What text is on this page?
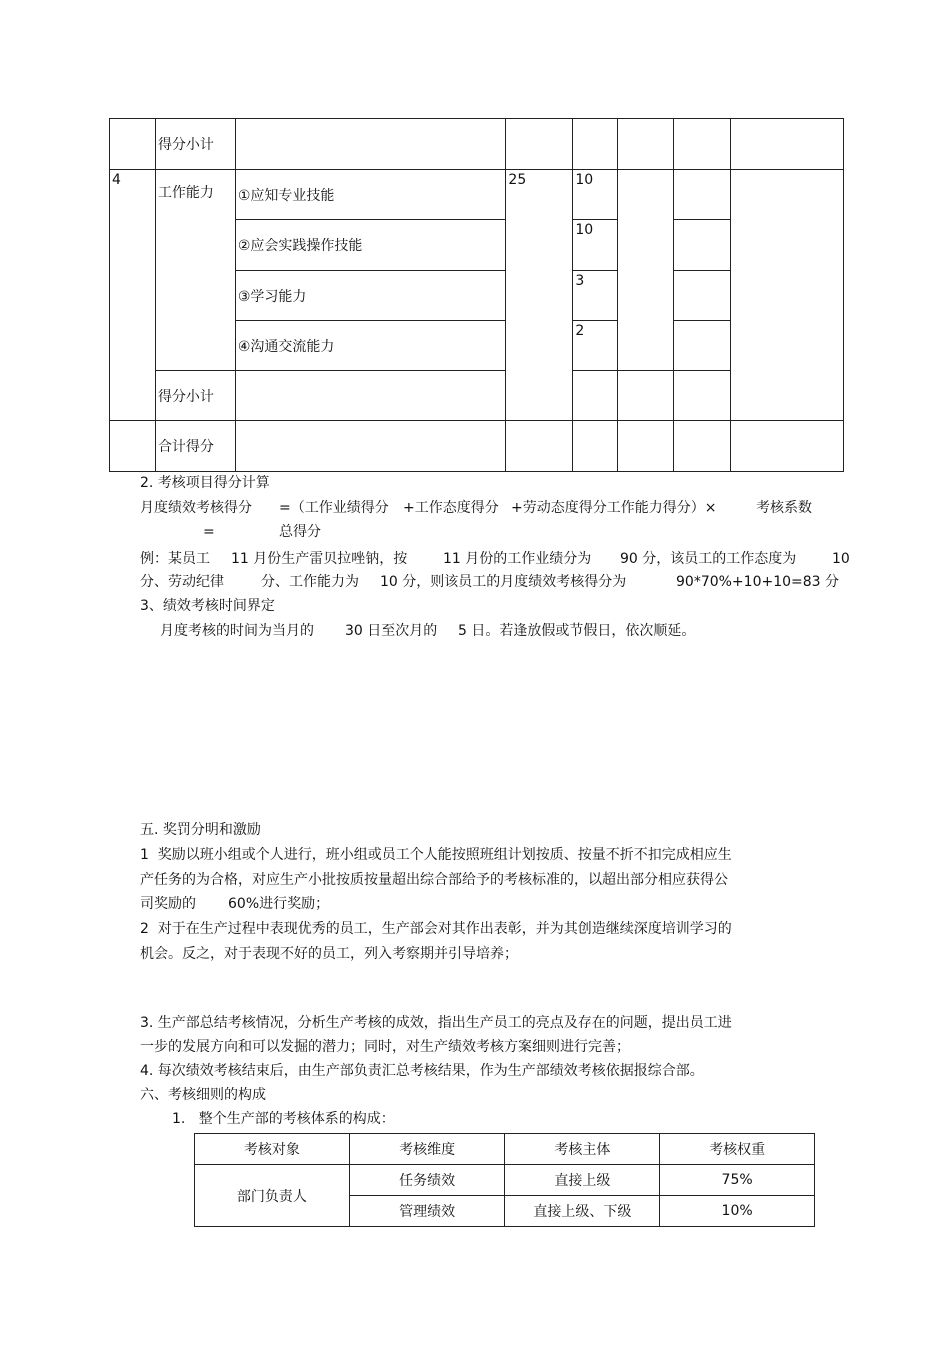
	得分小计						
4	工作能力	①应知专业技能	25	10			
		②应会实践操作技能		10			
		③学习能力		3			
		④沟通交流能力		2			
	得分小计						
	合计得分						
2. 考核项目得分计算
月度绩效考核得分 =（工作业绩得分 +工作态度得分 +劳动态度得分工作能力得分）×	考核系数
=	总得分
例：某员工 11 月份生产雷贝拉唑钠，按	11 月份的工作业绩分为 90 分，该员工的工作态度为	10
分、劳动纪律	分、工作能力为 10 分，则该员工的月度绩效考核得分为	90*70%+10+10=83 分
3、绩效考核时间界定
月度考核的时间为当月的 30 日至次月的 5 日。若逢放假或节假日，依次顺延。
五. 奖罚分明和激励
1  奖励以班小组或个人进行，班小组或员工个人能按照班组计划按质、按量不折不扣完成相应生
产任务的为合格，对应生产小批按质按量超出综合部给予的考核标准的，以超出部分相应获得公
司奖励的 60%进行奖励；
2  对于在生产过程中表现优秀的员工，生产部会对其作出表彰，并为其创造继续深度培训学习的
机会。反之，对于表现不好的员工，列入考察期并引导培养；
3. 生产部总结考核情况，分析生产考核的成效，指出生产员工的亮点及存在的问题，提出员工进
一步的发展方向和可以发掘的潜力；同时，对生产绩效考核方案细则进行完善；
4. 每次绩效考核结束后，由生产部负责汇总考核结果，作为生产部绩效考核依据报综合部。
六、考核细则的构成
1.   整个生产部的考核体系的构成：
考核对象	考核维度	考核主体	考核权重
部门负责人	任务绩效	直接上级	75%
	管理绩效	直接上级、下级	10%
